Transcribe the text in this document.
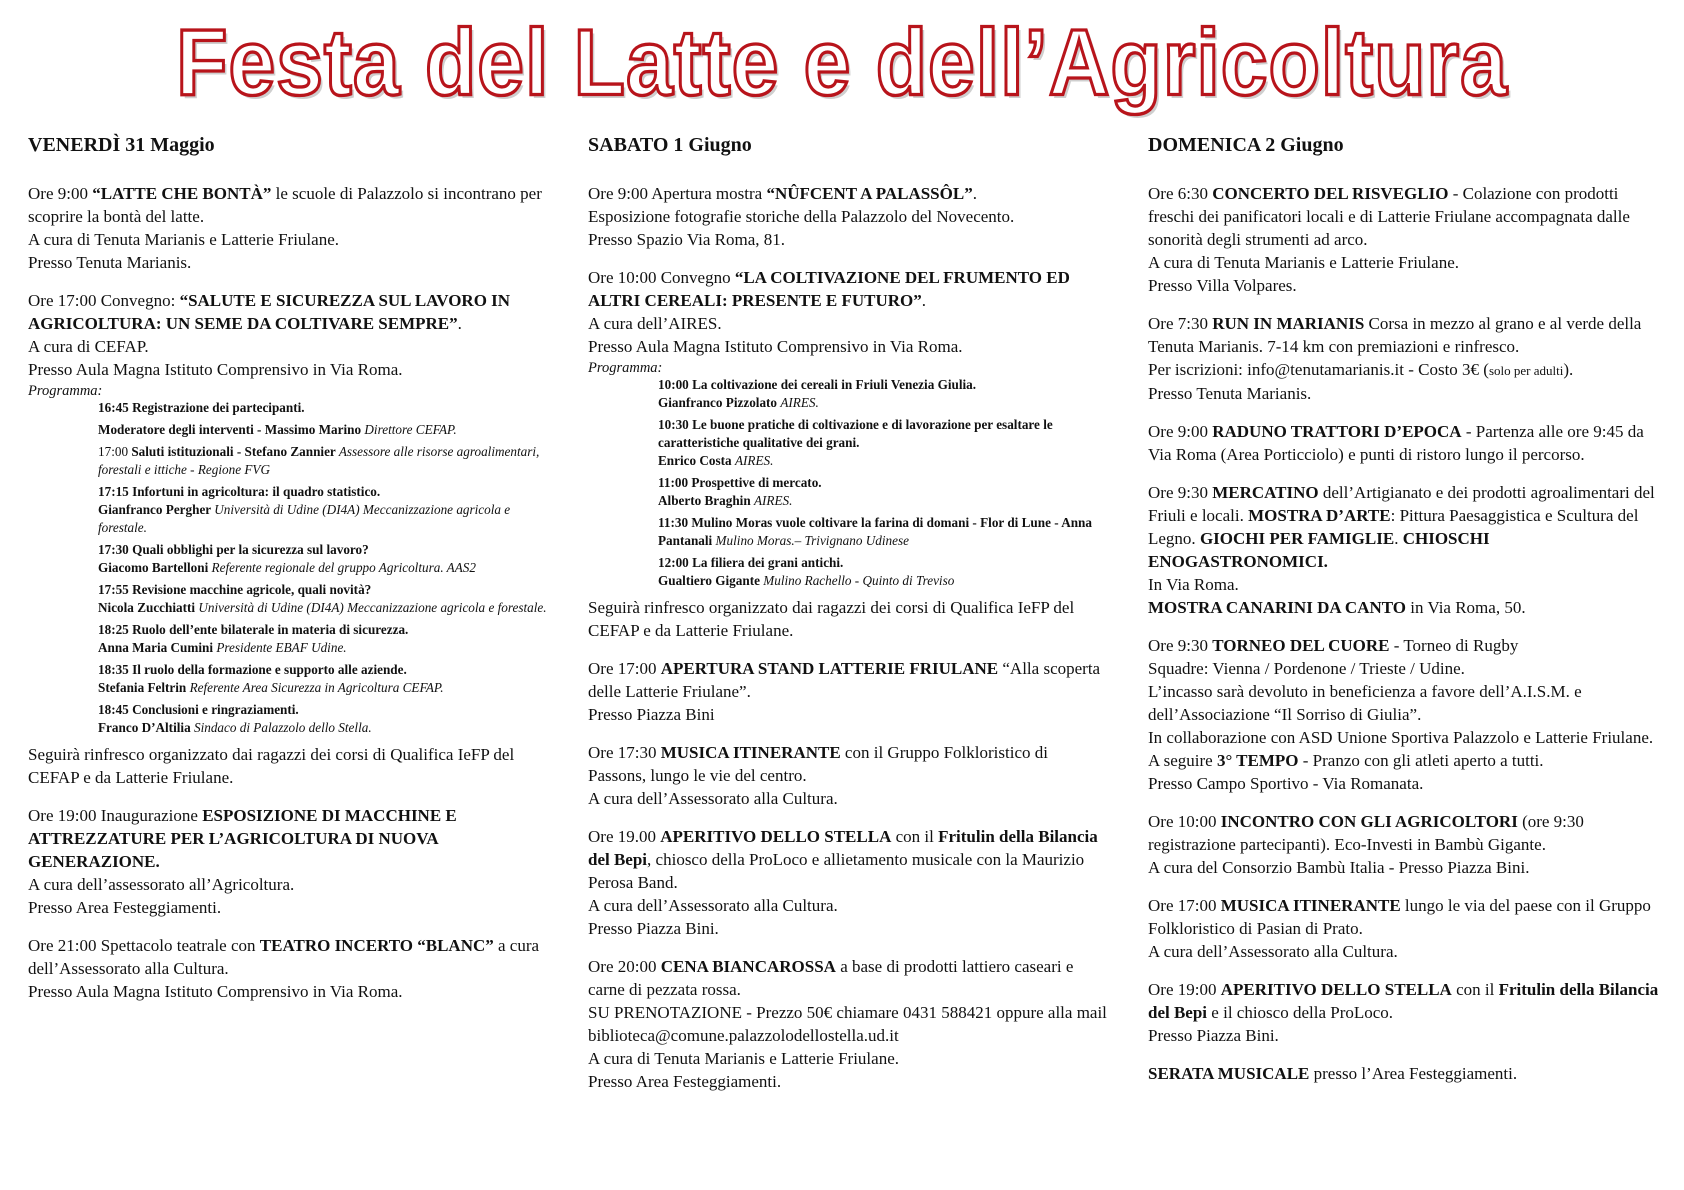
Festa del Latte e dell’Agricoltura
VENERDÌ 31 Maggio

Ore 9:00 “LATTE CHE BONTÀ” le scuole di Palazzolo si incontrano per scoprire la bontà del latte.

A cura di Tenuta Marianis e Latterie Friulane.

Presso Tenuta Marianis.

Ore 17:00 Convegno: “SALUTE E SICUREZZA SUL LAVORO IN AGRICOLTURA: UN SEME DA COLTIVARE SEMPRE”.

A cura di CEFAP.

Presso Aula Magna Istituto Comprensivo in Via Roma.

Programma:

16:45 Registrazione dei partecipanti.
Moderatore degli interventi - Massimo Marino Direttore CEFAP.
17:00 Saluti istituzionali - Stefano Zannier Assessore alle risorse agroalimentari, forestali e ittiche - Regione FVG
17:15 Infortuni in agricoltura: il quadro statistico.
Gianfranco Pergher Università di Udine (DI4A) Meccanizzazione agricola e forestale.
17:30 Quali obblighi per la sicurezza sul lavoro?
Giacomo Bartelloni Referente regionale del gruppo Agricoltura. AAS2
17:55 Revisione macchine agricole, quali novità?
Nicola Zucchiatti Università di Udine (DI4A) Meccanizzazione agricola e forestale.
18:25 Ruolo dell’ente bilaterale in materia di sicurezza.
Anna Maria Cumini Presidente EBAF Udine.
18:35 Il ruolo della formazione e supporto alle aziende.
Stefania Feltrin Referente Area Sicurezza in Agricoltura CEFAP.
18:45 Conclusioni e ringraziamenti.
Franco D’Altilia Sindaco di Palazzolo dello Stella.

Seguirà rinfresco organizzato dai ragazzi dei corsi di Qualifica IeFP del CEFAP e da Latterie Friulane.

Ore 19:00 Inaugurazione ESPOSIZIONE DI MACCHINE E ATTREZZATURE PER L’AGRICOLTURA DI NUOVA GENERAZIONE.

A cura dell’assessorato all’Agricoltura.

Presso Area Festeggiamenti.

Ore 21:00 Spettacolo teatrale con TEATRO INCERTO “BLANC” a cura dell’Assessorato alla Cultura.

Presso Aula Magna Istituto Comprensivo in Via Roma.

SABATO 1 Giugno

Ore 9:00 Apertura mostra “NÛFCENT A PALASSÔL”.

Esposizione fotografie storiche della Palazzolo del Novecento.

Presso Spazio Via Roma, 81.

Ore 10:00 Convegno “LA COLTIVAZIONE DEL FRUMENTO ED ALTRI CEREALI: PRESENTE E FUTURO”.

A cura dell’AIRES.

Presso Aula Magna Istituto Comprensivo in Via Roma.

Programma:

10:00 La coltivazione dei cereali in Friuli Venezia Giulia.
Gianfranco Pizzolato AIRES.
10:30 Le buone pratiche di coltivazione e di lavorazione per esaltare le caratteristiche qualitative dei grani.
Enrico Costa AIRES.
11:00 Prospettive di mercato.
Alberto Braghin AIRES.
11:30 Mulino Moras vuole coltivare la farina di domani - Flor di Lune - Anna Pantanali Mulino Moras.– Trivignano Udinese
12:00 La filiera dei grani antichi.
Gualtiero Gigante Mulino Rachello - Quinto di Treviso

Seguirà rinfresco organizzato dai ragazzi dei corsi di Qualifica IeFP del CEFAP e da Latterie Friulane.

Ore 17:00 APERTURA STAND LATTERIE FRIULANE “Alla scoperta delle Latterie Friulane”.

Presso Piazza Bini

Ore 17:30 MUSICA ITINERANTE con il Gruppo Folkloristico di Passons, lungo le vie del centro.

A cura dell’Assessorato alla Cultura.

Ore 19.00 APERITIVO DELLO STELLA con il Fritulin della Bilancia del Bepi, chiosco della ProLoco e allietamento musicale con la Maurizio Perosa Band.

A cura dell’Assessorato alla Cultura.

Presso Piazza Bini.

Ore 20:00 CENA BIANCAROSSA a base di prodotti lattiero caseari e carne di pezzata rossa.

SU PRENOTAZIONE - Prezzo 50€ chiamare 0431 588421 oppure alla mail biblioteca@comune.palazzolodellostella.ud.it

A cura di Tenuta Marianis e Latterie Friulane.

Presso Area Festeggiamenti.

DOMENICA 2 Giugno

Ore 6:30 CONCERTO DEL RISVEGLIO - Colazione con prodotti freschi dei panificatori locali e di Latterie Friulane accompagnata dalle sonorità degli strumenti ad arco.

A cura di Tenuta Marianis e Latterie Friulane.

Presso Villa Volpares.

Ore 7:30 RUN IN MARIANIS Corsa in mezzo al grano e al verde della Tenuta Marianis. 7-14 km con premiazioni e rinfresco.

Per iscrizioni: info@tenutamarianis.it - Costo 3€ (solo per adulti).

Presso Tenuta Marianis.

Ore 9:00 RADUNO TRATTORI D’EPOCA - Partenza alle ore 9:45 da Via Roma (Area Porticciolo) e punti di ristoro lungo il percorso.

Ore 9:30 MERCATINO dell’Artigianato e dei prodotti agroalimentari del Friuli e locali. MOSTRA D’ARTE: Pittura Paesaggistica e Scultura del Legno. GIOCHI PER FAMIGLIE. CHIOSCHI ENOGASTRONOMICI.

In Via Roma.

MOSTRA CANARINI DA CANTO in Via Roma, 50.

Ore 9:30 TORNEO DEL CUORE - Torneo di Rugby

Squadre: Vienna / Pordenone / Trieste / Udine.

L’incasso sarà devoluto in beneficienza a favore dell’A.I.S.M. e dell’Associazione “Il Sorriso di Giulia”.

In collaborazione con ASD Unione Sportiva Palazzolo e Latterie Friulane.

A seguire 3° TEMPO - Pranzo con gli atleti aperto a tutti.

Presso Campo Sportivo - Via Romanata.

Ore 10:00 INCONTRO CON GLI AGRICOLTORI (ore 9:30 registrazione partecipanti). Eco-Investi in Bambù Gigante.

A cura del Consorzio Bambù Italia - Presso Piazza Bini.

Ore 17:00 MUSICA ITINERANTE lungo le via del paese con il Gruppo Folkloristico di Pasian di Prato.

A cura dell’Assessorato alla Cultura.

Ore 19:00 APERITIVO DELLO STELLA con il Fritulin della Bilancia del Bepi e il chiosco della ProLoco.

Presso Piazza Bini.

SERATA MUSICALE presso l’Area Festeggiamenti.
